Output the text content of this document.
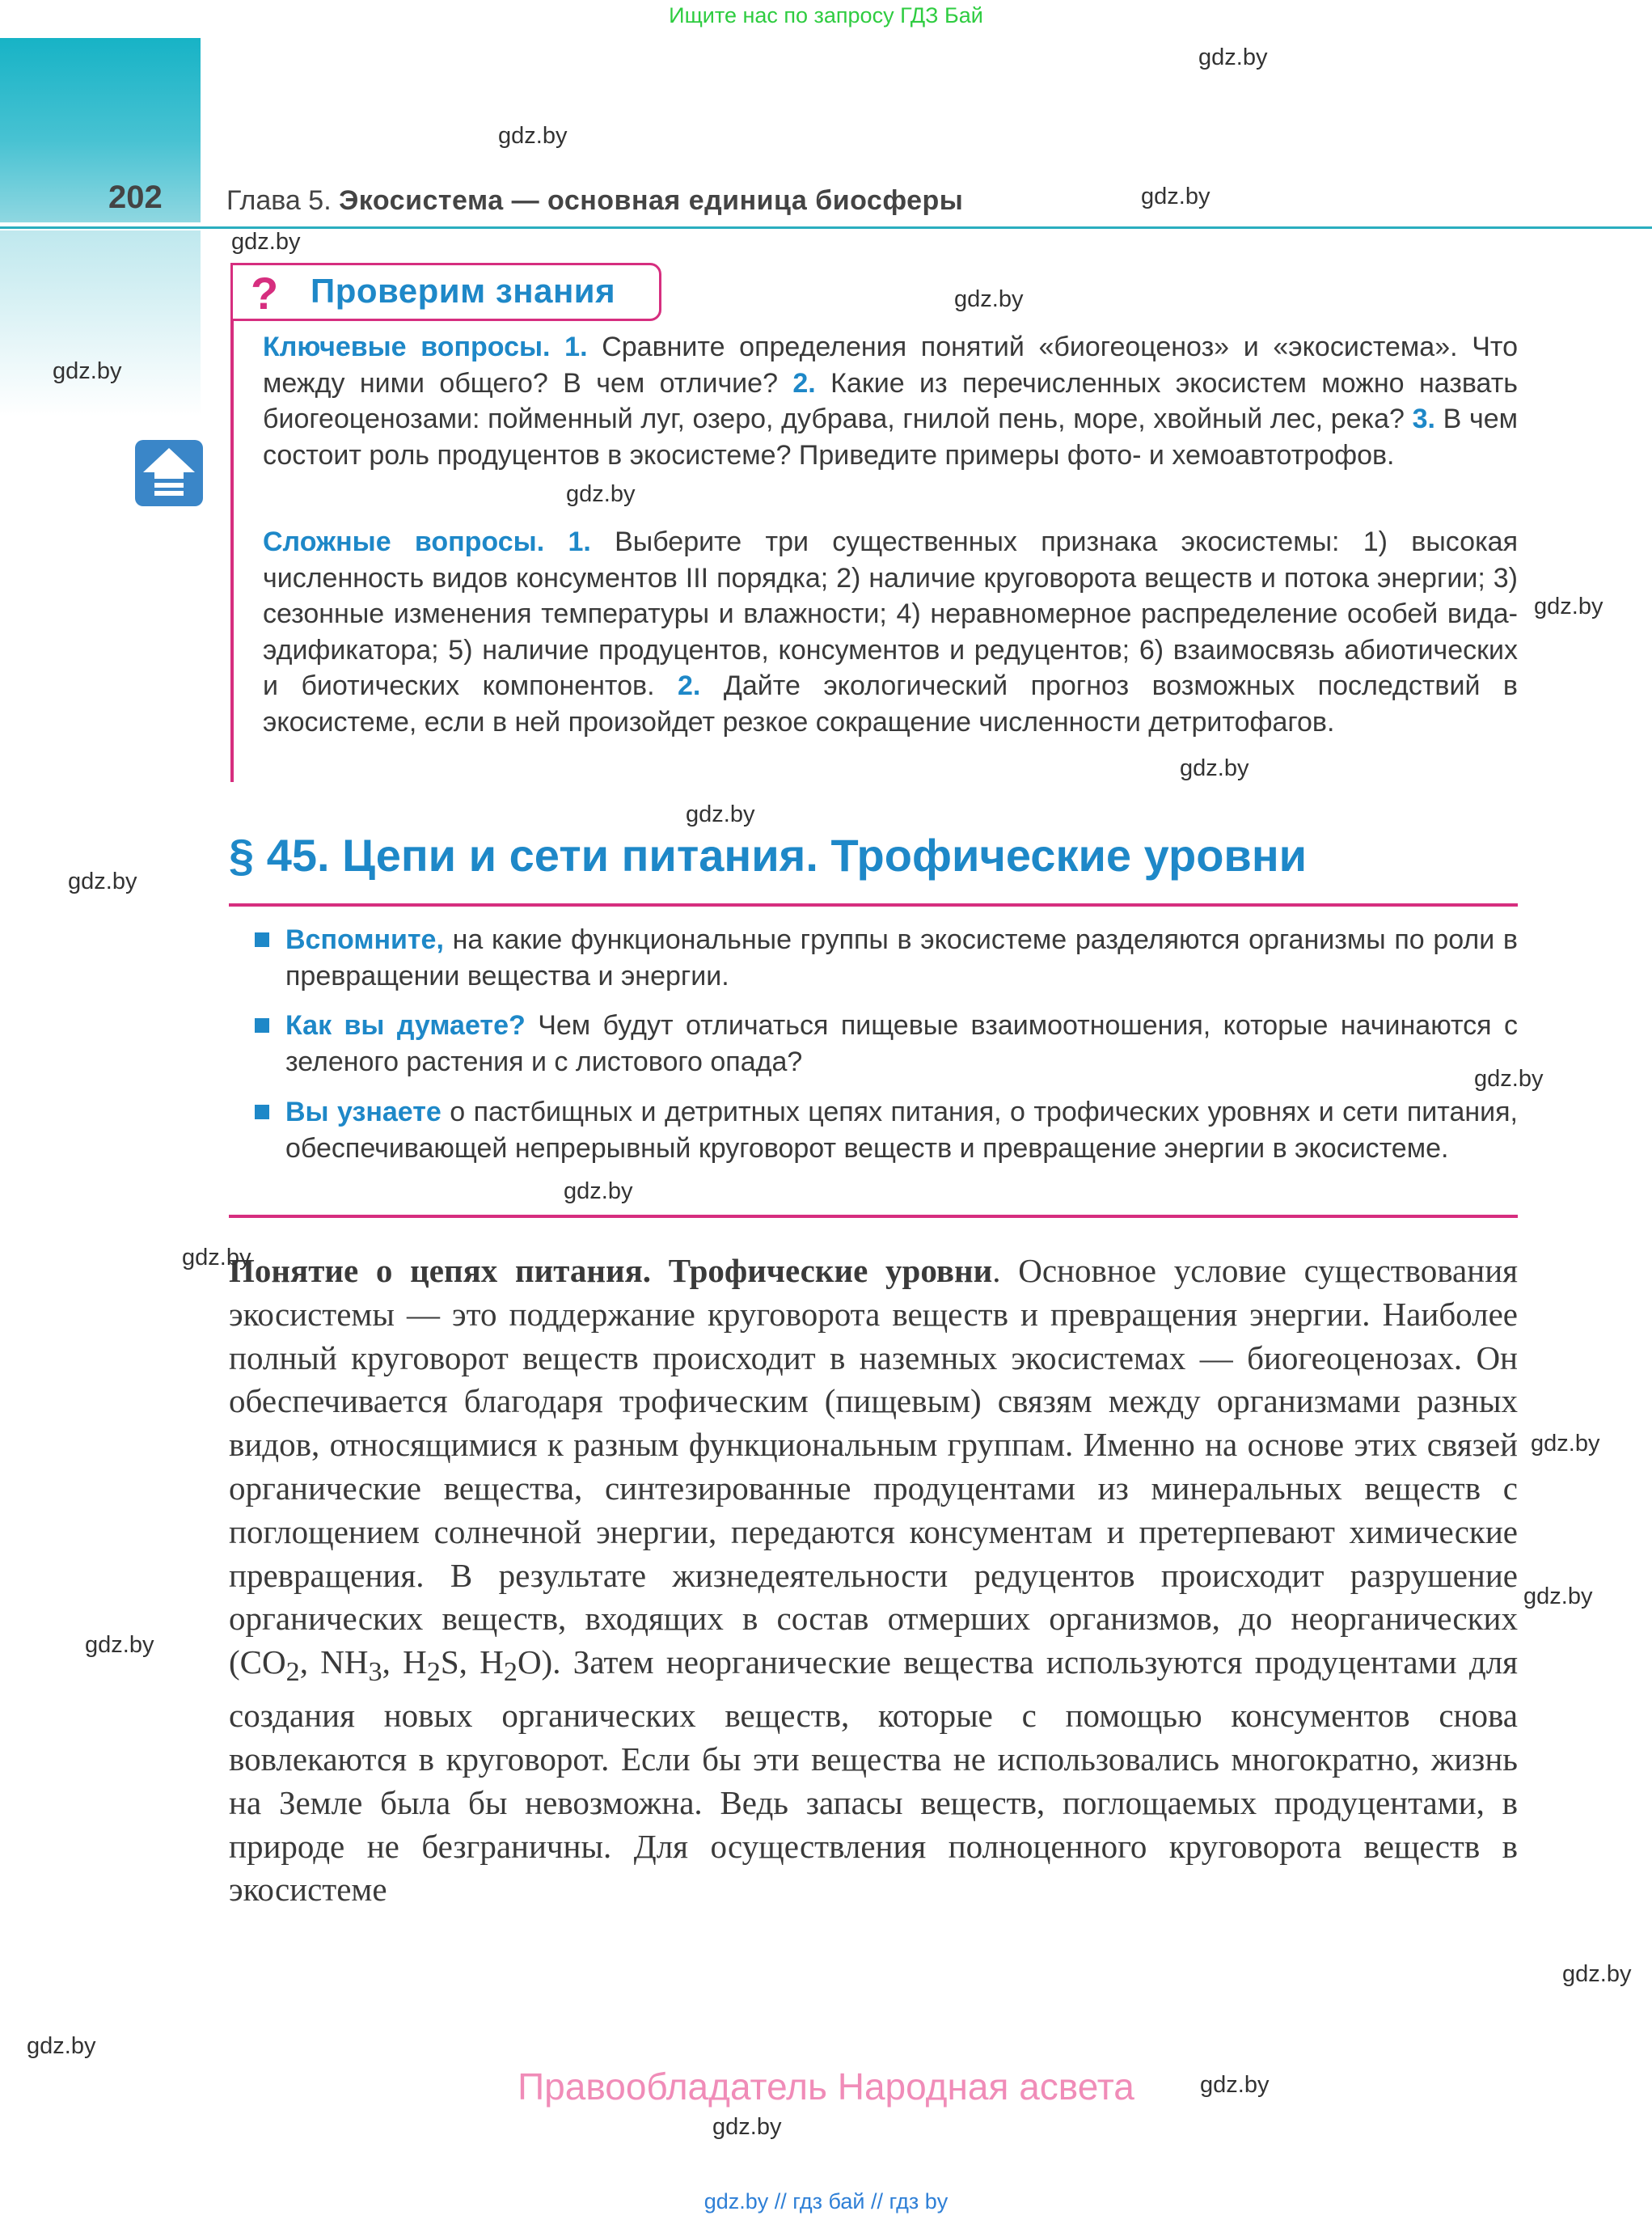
Ищите нас по запросу ГДЗ Бай
202 Глава 5. Экосистема — основная единица биосферы
? Проверим знания
Ключевые вопросы. 1. Сравните определения понятий «биогеоценоз» и «экосистема». Что между ними общего? В чем отличие? 2. Какие из перечисленных экосистем можно назвать биогеоценозами: пойменный луг, озеро, дубрава, гнилой пень, море, хвойный лес, река? 3. В чем состоит роль продуцентов в экосистеме? Приведите примеры фото- и хемоавтотрофов.
Сложные вопросы. 1. Выберите три существенных признака экосистемы: 1) высокая численность видов консументов III порядка; 2) наличие круговорота веществ и потока энергии; 3) сезонные изменения температуры и влажности; 4) неравномерное распределение особей вида-эдификатора; 5) наличие продуцентов, консументов и редуцентов; 6) взаимосвязь абиотических и биотических компонентов. 2. Дайте экологический прогноз возможных последствий в экосистеме, если в ней произойдет резкое сокращение численности детритофагов.
§ 45. Цепи и сети питания. Трофические уровни
Вспомните, на какие функциональные группы в экосистеме разделяются организмы по роли в превращении вещества и энергии.
Как вы думаете? Чем будут отличаться пищевые взаимоотношения, которые начинаются с зеленого растения и с листового опада?
Вы узнаете о пастбищных и детритных цепях питания, о трофических уровнях и сети питания, обеспечивающей непрерывный круговорот веществ и превращение энергии в экосистеме.
Понятие о цепях питания. Трофические уровни. Основное условие существования экосистемы — это поддержание круговорота веществ и превращения энергии. Наиболее полный круговорот веществ происходит в наземных экосистемах — биогеоценозах. Он обеспечивается благодаря трофическим (пищевым) связям между организмами разных видов, относящимися к разным функциональным группам. Именно на основе этих связей органические вещества, синтезированные продуцентами из минеральных веществ с поглощением солнечной энергии, передаются консументам и претерпевают химические превращения. В результате жизнедеятельности редуцентов происходит разрушение органических веществ, входящих в состав отмерших организмов, до неорганических ($CO_2$, $NH_3$, $H_2S$, $H_2O$). Затем неорганические вещества используются продуцентами для создания новых органических веществ, которые с помощью консументов снова вовлекаются в круговорот. Если бы эти вещества не использовались многократно, жизнь на Земле была бы невозможна. Ведь запасы веществ, поглощаемых продуцентами, в природе не безграничны. Для осуществления полноценного круговорота веществ в экосистеме
gdz.by
gdz.by
gdz.by
gdz.by
gdz.by
gdz.by
gdz.by
gdz.by
gdz.by
gdz.by
gdz.by
gdz.by
gdz.by
gdz.by
gdz.by
gdz.by
gdz.by
gdz.by
gdz.by
gdz.by
gdz.by
Правообладатель Народная асвета
gdz.by // гдз бай // гдз by
